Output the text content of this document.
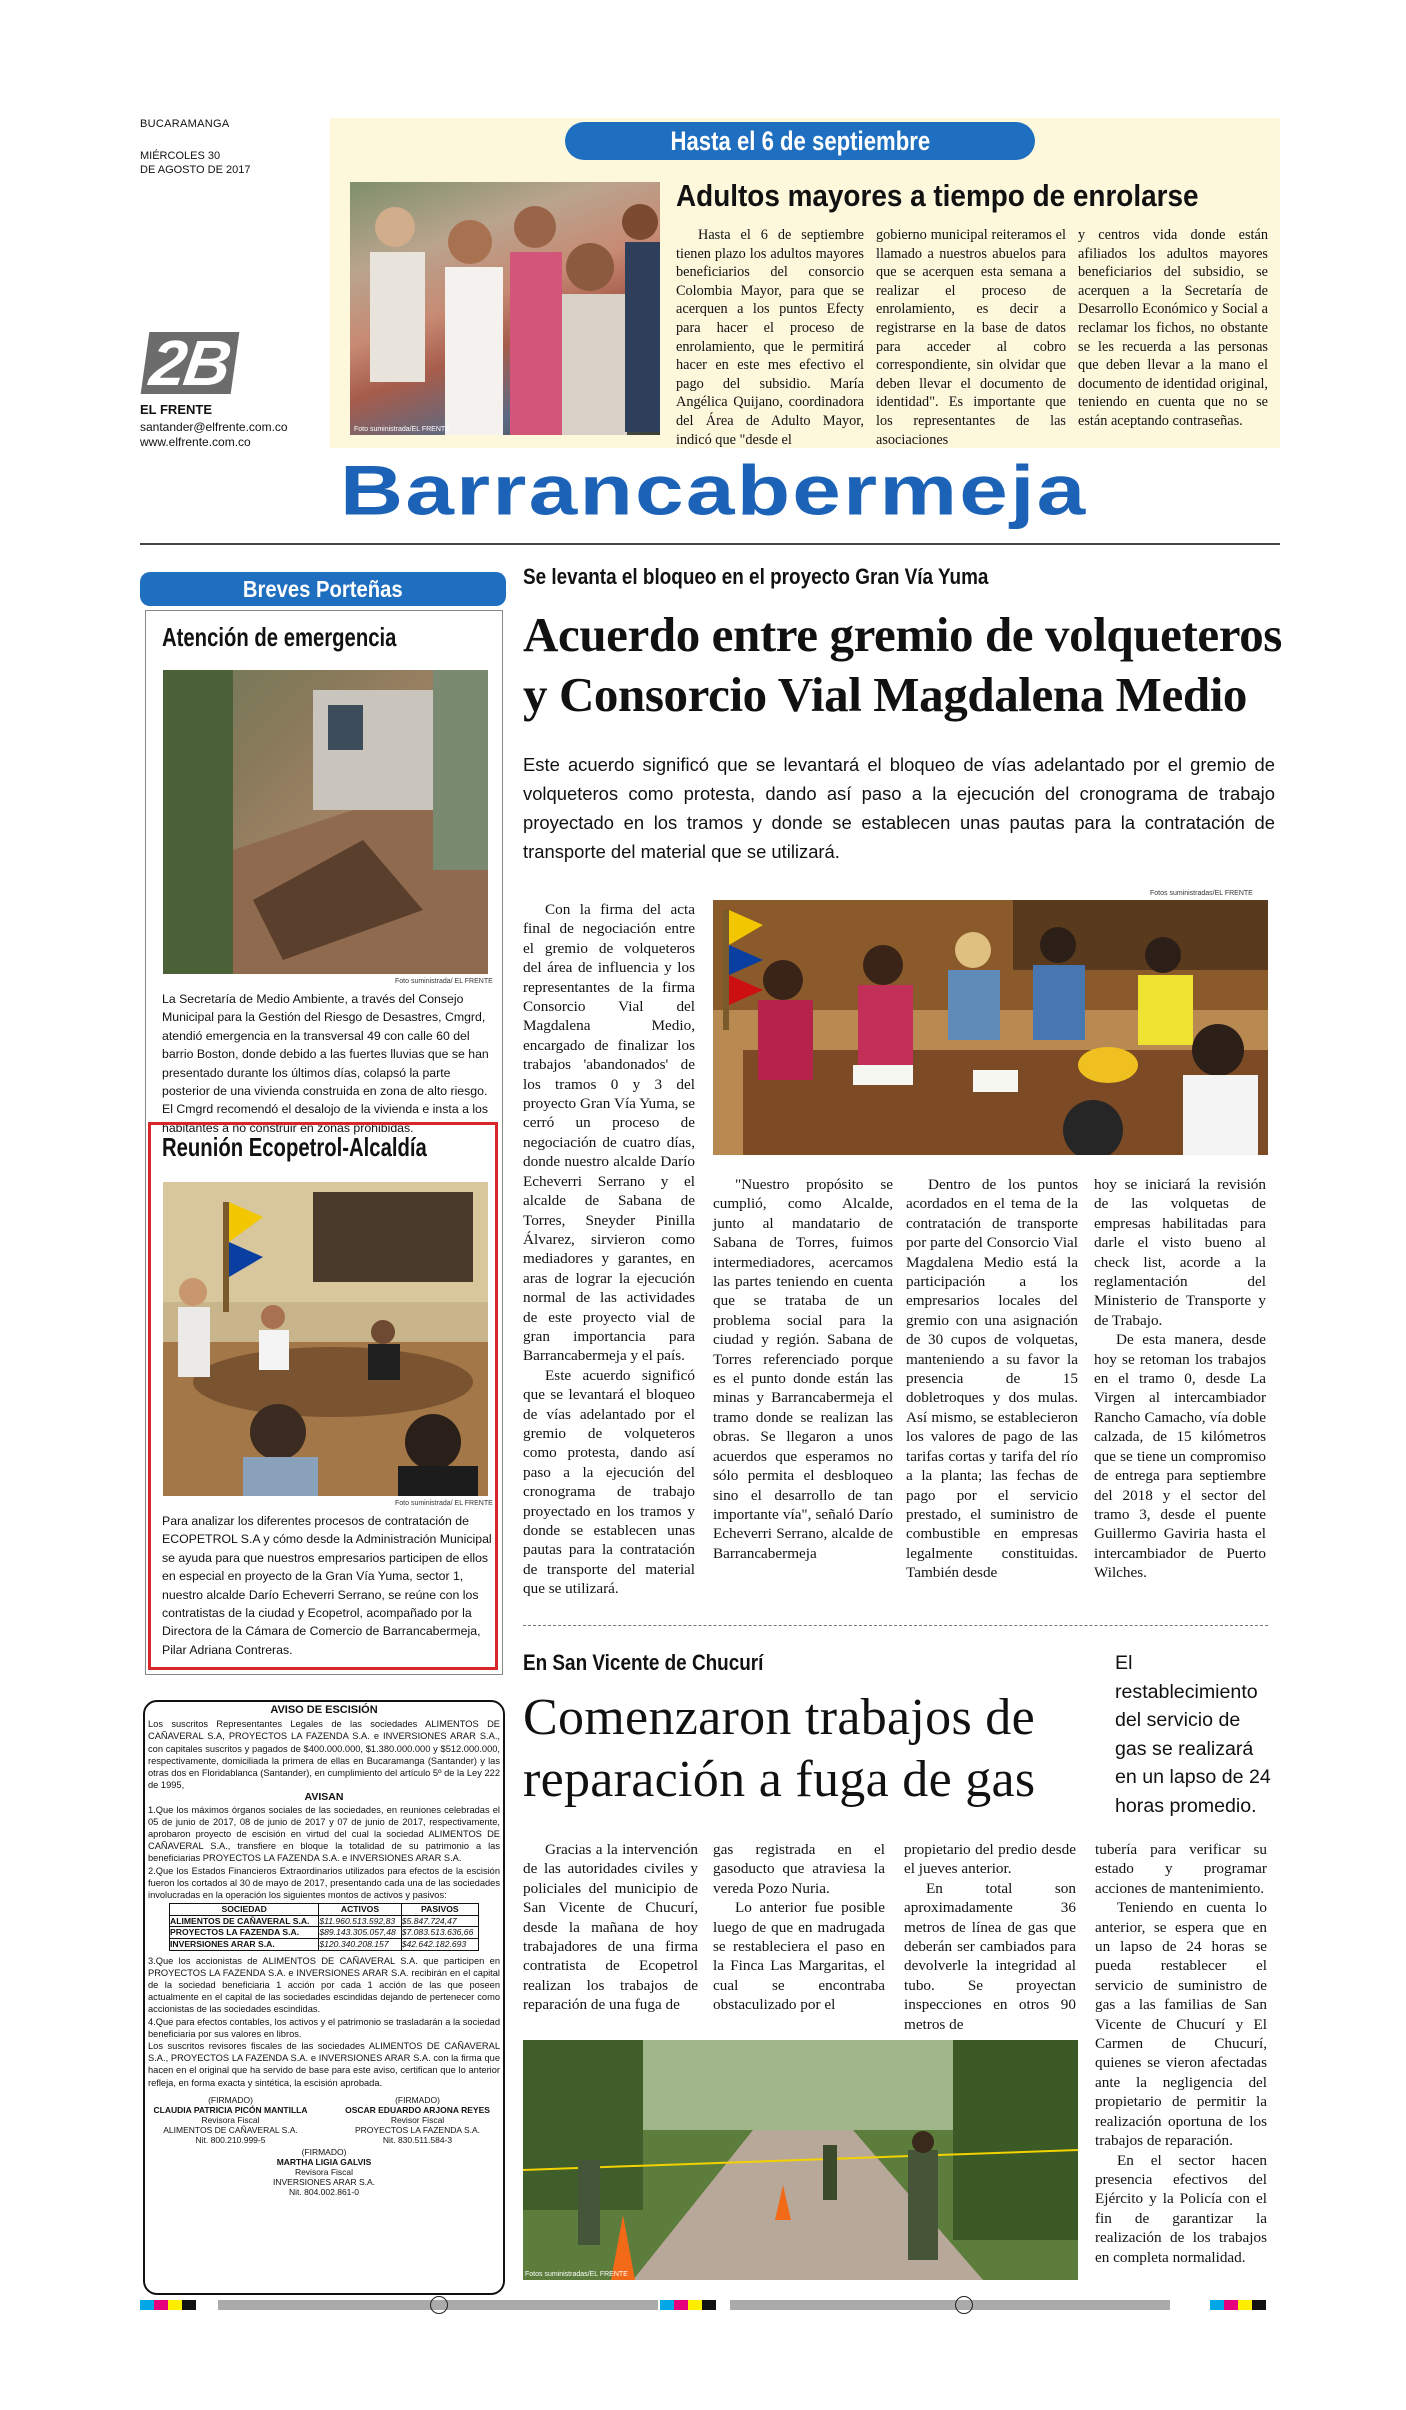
BUCARAMANGA
MIÉRCOLES 30
DE AGOSTO DE 2017
2B
EL FRENTE
santander@elfrente.com.co
www.elfrente.com.co
Hasta el 6 de septiembre
Foto suministrada/EL FRENTE
Adultos mayores a tiempo de enrolarse

Hasta el 6 de septiembre tienen plazo los adultos mayores beneficiarios del consorcio Colombia Mayor, para que se acerquen a los puntos Efecty para hacer el proceso de enrolamiento, que le permitirá hacer en este mes efectivo el pago del subsidio. María Angélica Quijano, coordinadora del Área de Adulto Mayor, indicó que "desde el

gobierno municipal reiteramos el llamado a nuestros abuelos para que se acerquen esta semana a realizar el proceso de enrolamiento, es decir a registrarse en la base de datos para acceder al cobro correspondiente, sin olvidar que deben llevar el documento de identidad". Es importante que los representantes de las asociaciones

y centros vida donde están afiliados los adultos mayores beneficiarios del subsidio, se acerquen a la Secretaría de Desarrollo Económico y Social a reclamar los fichos, no obstante se les recuerda a las personas que deben llevar a la mano el documento de identidad original, teniendo en cuenta que no se están aceptando contraseñas.

Barrancabermeja
Breves Porteñas
Atención de emergencia
Foto suministrada/ EL FRENTE
La Secretaría de Medio Ambiente, a través del Consejo Municipal para la Gestión del Riesgo de Desastres, Cmgrd, atendió emergencia en la transversal 49 con calle 60 del barrio Boston, donde debido a las fuertes lluvias que se han presentado durante los últimos días, colapsó la parte posterior de una vivienda construida en zona de alto riesgo. El Cmgrd recomendó el desalojo de la vivienda e insta a los habitantes a no construir en zonas prohibidas.
Reunión Ecopetrol-Alcaldía
Foto suministrada/ EL FRENTE
Para analizar los diferentes procesos de contratación de ECOPETROL S.A y cómo desde la Administración Municipal se ayuda para que nuestros empresarios participen de ellos en especial en proyecto de la Gran Vía Yuma, sector 1, nuestro alcalde Darío Echeverri Serrano, se reúne con los contratistas de la ciudad y Ecopetrol, acompañado por la Directora de la Cámara de Comercio de Barrancabermeja, Pilar Adriana Contreras.
AVISO DE ESCISIÓN
Los suscritos Representantes Legales de las sociedades ALIMENTOS DE CAÑAVERAL S.A, PROYECTOS LA FAZENDA S.A. e INVERSIONES ARAR S.A., con capitales suscritos y pagados de $400.000.000, $1.380.000.000 y $512.000.000, respectivamente, domiciliada la primera de ellas en Bucaramanga (Santander) y las otras dos en Floridablanca (Santander), en cumplimiento del artículo 5º de la Ley 222 de 1995,
AVISAN
1.Que los máximos órganos sociales de las sociedades, en reuniones celebradas el 05 de junio de 2017, 08 de junio de 2017 y 07 de junio de 2017, respectivamente, aprobaron proyecto de escisión en virtud del cual la sociedad ALIMENTOS DE CAÑAVERAL S.A., transfiere en bloque la totalidad de su patrimonio a las beneficiarias PROYECTOS LA FAZENDA S.A. e INVERSIONES ARAR S.A.
2.Que los Estados Financieros Extraordinarios utilizados para efectos de la escisión fueron los cortados al 30 de mayo de 2017, presentando cada una de las sociedades involucradas en la operación los siguientes montos de activos y pasivos:
SOCIEDAD	ACTIVOS	PASIVOS
ALIMENTOS DE CAÑAVERAL S.A.	$11.960.513.592,83	$5.847.724,47
PROYECTOS LA FAZENDA S.A.	$89.143.305.057,48	$7.083.513.636,66
INVERSIONES ARAR S.A.	$120.340.208.157	$42.642.182.693
3.Que los accionistas de ALIMENTOS DE CAÑAVERAL S.A. que participen en PROYECTOS LA FAZENDA S.A. e INVERSIONES ARAR S.A. recibirán en el capital de la sociedad beneficiaria 1 acción por cada 1 acción de las que poseen actualmente en el capital de las sociedades escindidas dejando de pertenecer como accionistas de las sociedades escindidas.
4.Que para efectos contables, los activos y el patrimonio se trasladarán a la sociedad beneficiaria por sus valores en libros.
Los suscritos revisores fiscales de las sociedades ALIMENTOS DE CAÑAVERAL S.A., PROYECTOS LA FAZENDA S.A. e INVERSIONES ARAR S.A. con la firma que hacen en el original que ha servido de base para este aviso, certifican que lo anterior refleja, en forma exacta y sintética, la escisión aprobada.
(FIRMADO)
CLAUDIA PATRICIA PICÓN MANTILLA
Revisora Fiscal
ALIMENTOS DE CAÑAVERAL S.A.
Nit. 800.210.999-5
(FIRMADO)
OSCAR EDUARDO ARJONA REYES
Revisor Fiscal
PROYECTOS LA FAZENDA S.A.
Nit. 830.511.584-3
(FIRMADO)
MARTHA LIGIA GALVIS
Revisora Fiscal
INVERSIONES ARAR S.A.
Nit. 804.002.861-0
Se levanta el bloqueo en el proyecto Gran Vía Yuma
Acuerdo entre gremio de volqueteros
y Consorcio Vial Magdalena Medio
Este acuerdo significó que se levantará el bloqueo de vías adelantado por el gremio de volqueteros como protesta, dando así paso a la ejecución del cronograma de trabajo proyectado en los tramos y donde se establecen unas pautas para la contratación de transporte del material que se utilizará.

Con la firma del acta final de negociación entre el gremio de volqueteros del área de influencia y los representantes de la firma Consorcio Vial del Magdalena Medio, encargado de finalizar los trabajos 'abandonados' de los tramos 0 y 3 del proyecto Gran Vía Yuma, se cerró un proceso de negociación de cuatro días, donde nuestro alcalde Darío Echeverri Serrano y el alcalde de Sabana de Torres, Sneyder Pinilla Álvarez, sirvieron como mediadores y garantes, en aras de lograr la ejecución normal de las actividades de este proyecto vial de gran importancia para Barrancabermeja y el país.

Este acuerdo significó que se levantará el bloqueo de vías adelantado por el gremio de volqueteros como protesta, dando así paso a la ejecución del cronograma de trabajo proyectado en los tramos y donde se establecen unas pautas para la contratación de transporte del material que se utilizará.

Fotos suministradas/EL FRENTE

"Nuestro propósito se cumplió, como Alcalde, junto al mandatario de Sabana de Torres, fuimos intermediadores, acercamos las partes teniendo en cuenta que se trataba de un problema social para la ciudad y región. Sabana de Torres referenciado porque es el punto donde están las minas y Barrancabermeja el tramo donde se realizan las obras. Se llegaron a unos acuerdos que esperamos no sólo permita el desbloqueo sino el desarrollo de tan importante vía", señaló Darío Echeverri Serrano, alcalde de Barrancabermeja

Dentro de los puntos acordados en el tema de la contratación de transporte por parte del Consorcio Vial Magdalena Medio está la participación a los empresarios locales del gremio con una asignación de 30 cupos de volquetas, manteniendo a su favor la presencia de 15 dobletroques y dos mulas. Así mismo, se establecieron los valores de pago de las tarifas cortas y tarifa del río a la planta; las fechas de pago por el servicio prestado, el suministro de combustible en empresas legalmente constituidas. También desde

hoy se iniciará la revisión de las volquetas de empresas habilitadas para darle el visto bueno al check list, acorde a la reglamentación del Ministerio de Transporte y de Trabajo.

De esta manera, desde hoy se retoman los trabajos en el tramo 0, desde La Virgen al intercambiador Rancho Camacho, vía doble calzada, de 15 kilómetros que se tiene un compromiso de entrega para septiembre del 2018 y el sector del tramo 3, desde el puente Guillermo Gaviria hasta el intercambiador de Puerto Wilches.

En San Vicente de Chucurí
Comenzaron trabajos de
reparación a fuga de gas
El restablecimiento del servicio de gas se realizará en un lapso de 24 horas promedio.

Gracias a la intervención de las autoridades civiles y policiales del municipio de San Vicente de Chucurí, desde la mañana de hoy trabajadores de una firma contratista de Ecopetrol realizan los trabajos de reparación de una fuga de

gas registrada en el gasoducto que atraviesa la vereda Pozo Nuria.

Lo anterior fue posible luego de que en madrugada se restableciera el paso en la Finca Las Margaritas, el cual se encontraba obstaculizado por el

propietario del predio desde el jueves anterior.

En total son aproximadamente 36 metros de línea de gas que deberán ser cambiados para devolverle la integridad al tubo. Se proyectan inspecciones en otros 90 metros de

tubería para verificar su estado y programar acciones de mantenimiento.

Teniendo en cuenta lo anterior, se espera que en un lapso de 24 horas se pueda restablecer el servicio de suministro de gas a las familias de San Vicente de Chucurí y El Carmen de Chucurí, quienes se vieron afectadas ante la negligencia del propietario de permitir la realización oportuna de los trabajos de reparación.

En el sector hacen presencia efectivos del Ejército y la Policía con el fin de garantizar la realización de los trabajos en completa normalidad.

Fotos suministradas/EL FRENTE
